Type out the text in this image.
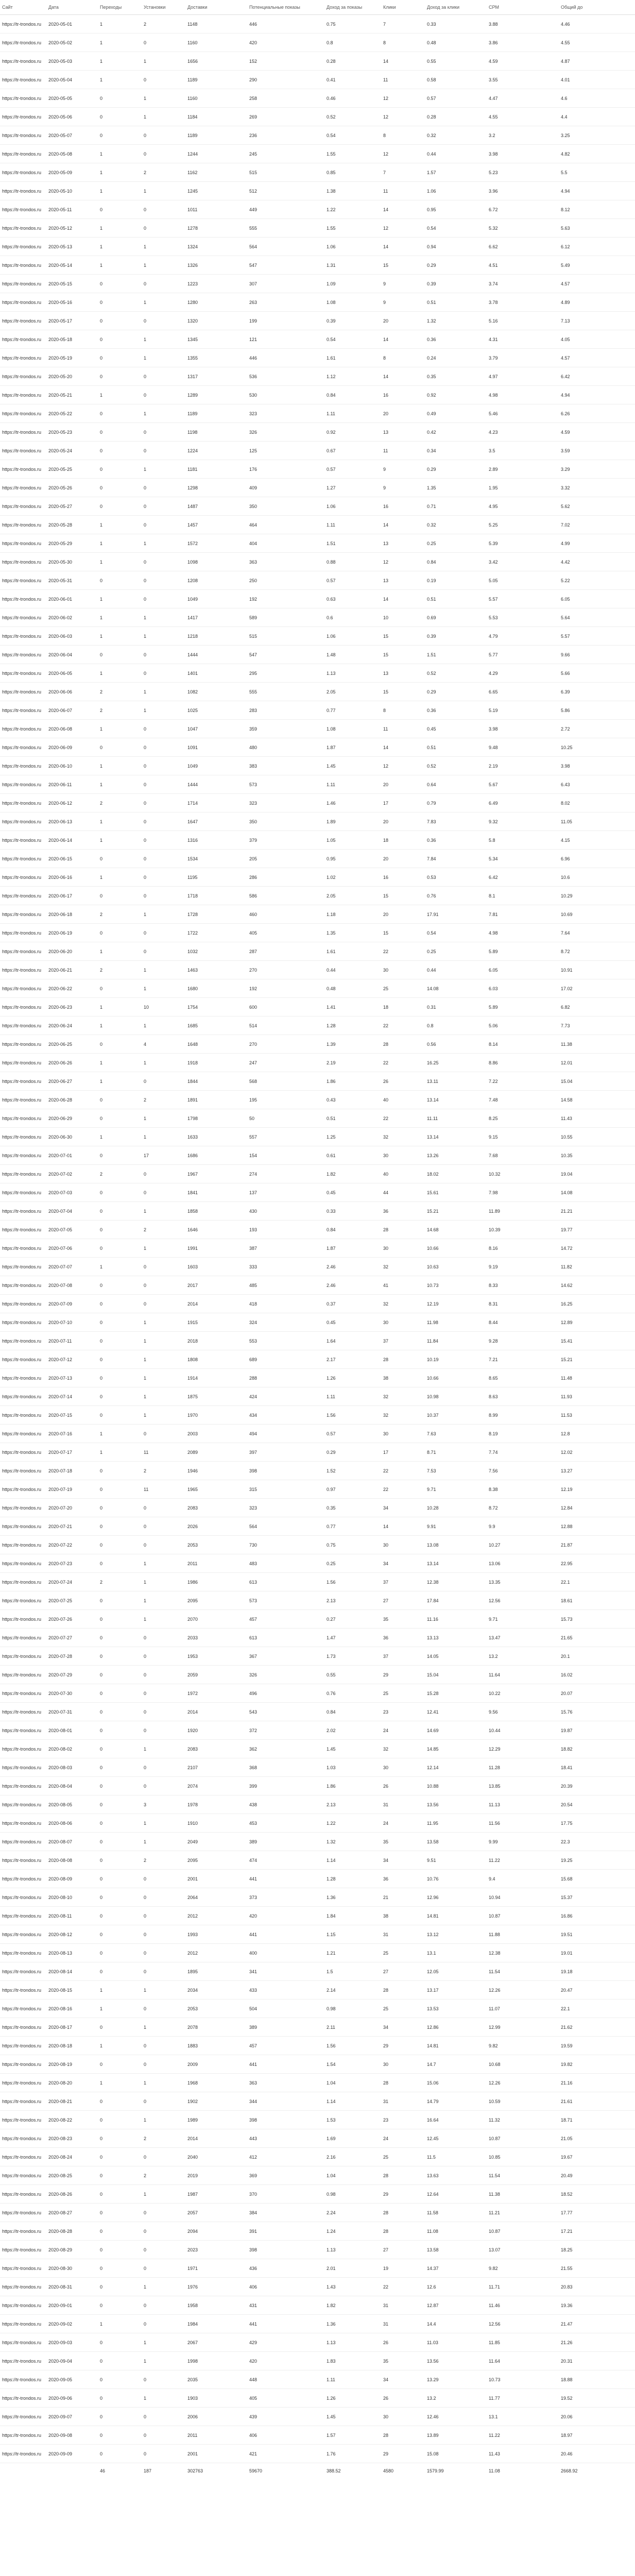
Сайт	Дата	Переходы	Установки	Доставки	Потенциальные показы	Доход за показы	Клики	Доход за клики	CPM	Общий до
https://tr-trondos.ru	2020-05-01	1	2	1148	446	0.75	7	0.33	3.88	4.46
https://tr-trondos.ru	2020-05-02	1	0	1160	420	0.8	8	0.48	3.86	4.55
https://tr-trondos.ru	2020-05-03	1	1	1656	152	0.28	14	0.55	4.59	4.87
https://tr-trondos.ru	2020-05-04	1	0	1189	290	0.41	11	0.58	3.55	4.01
https://tr-trondos.ru	2020-05-05	0	1	1160	258	0.46	12	0.57	4.47	4.6
https://tr-trondos.ru	2020-05-06	0	1	1184	269	0.52	12	0.28	4.55	4.4
https://tr-trondos.ru	2020-05-07	0	0	1189	236	0.54	8	0.32	3.2	3.25
https://tr-trondos.ru	2020-05-08	1	0	1244	245	1.55	12	0.44	3.98	4.82
https://tr-trondos.ru	2020-05-09	1	2	1162	515	0.85	7	1.57	5.23	5.5
https://tr-trondos.ru	2020-05-10	1	1	1245	512	1.38	11	1.06	3.96	4.94
https://tr-trondos.ru	2020-05-11	0	0	1011	449	1.22	14	0.95	6.72	8.12
https://tr-trondos.ru	2020-05-12	1	0	1278	555	1.55	12	0.54	5.32	5.63
https://tr-trondos.ru	2020-05-13	1	1	1324	564	1.06	14	0.94	6.62	6.12
https://tr-trondos.ru	2020-05-14	1	1	1326	547	1.31	15	0.29	4.51	5.49
https://tr-trondos.ru	2020-05-15	0	0	1223	307	1.09	9	0.39	3.74	4.57
https://tr-trondos.ru	2020-05-16	0	1	1280	263	1.08	9	0.51	3.78	4.89
https://tr-trondos.ru	2020-05-17	0	0	1320	199	0.39	20	1.32	5.16	7.13
https://tr-trondos.ru	2020-05-18	0	1	1345	121	0.54	14	0.36	4.31	4.05
https://tr-trondos.ru	2020-05-19	0	1	1355	446	1.61	8	0.24	3.79	4.57
https://tr-trondos.ru	2020-05-20	0	0	1317	536	1.12	14	0.35	4.97	6.42
https://tr-trondos.ru	2020-05-21	1	0	1289	530	0.84	16	0.92	4.98	4.94
https://tr-trondos.ru	2020-05-22	0	1	1189	323	1.11	20	0.49	5.46	6.26
https://tr-trondos.ru	2020-05-23	0	0	1198	326	0.92	13	0.42	4.23	4.59
https://tr-trondos.ru	2020-05-24	0	0	1224	125	0.67	11	0.34	3.5	3.59
https://tr-trondos.ru	2020-05-25	0	1	1181	176	0.57	9	0.29	2.89	3.29
https://tr-trondos.ru	2020-05-26	0	0	1298	409	1.27	9	1.35	1.95	3.32
https://tr-trondos.ru	2020-05-27	0	0	1487	350	1.06	16	0.71	4.95	5.62
https://tr-trondos.ru	2020-05-28	1	0	1457	464	1.11	14	0.32	5.25	7.02
https://tr-trondos.ru	2020-05-29	1	1	1572	404	1.51	13	0.25	5.39	4.99
https://tr-trondos.ru	2020-05-30	1	0	1098	363	0.88	12	0.84	3.42	4.42
https://tr-trondos.ru	2020-05-31	0	0	1208	250	0.57	13	0.19	5.05	5.22
https://tr-trondos.ru	2020-06-01	1	0	1049	192	0.63	14	0.51	5.57	6.05
https://tr-trondos.ru	2020-06-02	1	1	1417	589	0.6	10	0.69	5.53	5.64
https://tr-trondos.ru	2020-06-03	1	1	1218	515	1.06	15	0.39	4.79	5.57
https://tr-trondos.ru	2020-06-04	0	0	1444	547	1.48	15	1.51	5.77	9.66
https://tr-trondos.ru	2020-06-05	1	0	1401	295	1.13	13	0.52	4.29	5.66
https://tr-trondos.ru	2020-06-06	2	1	1082	555	2.05	15	0.29	6.65	6.39
https://tr-trondos.ru	2020-06-07	2	1	1025	283	0.77	8	0.36	5.19	5.86
https://tr-trondos.ru	2020-06-08	1	0	1047	359	1.08	11	0.45	3.98	2.72
https://tr-trondos.ru	2020-06-09	0	0	1091	480	1.87	14	0.51	9.48	10.25
https://tr-trondos.ru	2020-06-10	1	0	1049	383	1.45	12	0.52	2.19	3.98
https://tr-trondos.ru	2020-06-11	1	0	1444	573	1.11	20	0.64	5.67	6.43
https://tr-trondos.ru	2020-06-12	2	0	1714	323	1.46	17	0.79	6.49	8.02
https://tr-trondos.ru	2020-06-13	1	0	1647	350	1.89	20	7.83	9.32	11.05
https://tr-trondos.ru	2020-06-14	1	0	1316	379	1.05	18	0.36	5.8	4.15
https://tr-trondos.ru	2020-06-15	0	0	1534	205	0.95	20	7.84	5.34	6.96
https://tr-trondos.ru	2020-06-16	1	0	1195	286	1.02	16	0.53	6.42	10.6
https://tr-trondos.ru	2020-06-17	0	0	1718	586	2.05	15	0.76	8.1	10.29
https://tr-trondos.ru	2020-06-18	2	1	1728	460	1.18	20	17.91	7.81	10.69
https://tr-trondos.ru	2020-06-19	0	0	1722	405	1.35	15	0.54	4.98	7.64
https://tr-trondos.ru	2020-06-20	1	0	1032	287	1.61	22	0.25	5.89	8.72
https://tr-trondos.ru	2020-06-21	2	1	1463	270	0.44	30	0.44	6.05	10.91
https://tr-trondos.ru	2020-06-22	0	1	1680	192	0.48	25	14.08	6.03	17.02
https://tr-trondos.ru	2020-06-23	1	10	1754	600	1.41	18	0.31	5.89	6.82
https://tr-trondos.ru	2020-06-24	1	1	1685	514	1.28	22	0.8	5.06	7.73
https://tr-trondos.ru	2020-06-25	0	4	1648	270	1.39	28	0.56	8.14	11.38
https://tr-trondos.ru	2020-06-26	1	1	1918	247	2.19	22	16.25	8.86	12.01
https://tr-trondos.ru	2020-06-27	1	0	1844	568	1.86	26	13.11	7.22	15.04
https://tr-trondos.ru	2020-06-28	0	2	1891	195	0.43	40	13.14	7.48	14.58
https://tr-trondos.ru	2020-06-29	0	1	1798	50	0.51	22	11.11	8.25	11.43
https://tr-trondos.ru	2020-06-30	1	1	1633	557	1.25	32	13.14	9.15	10.55
https://tr-trondos.ru	2020-07-01	0	17	1686	154	0.61	30	13.26	7.68	10.35
https://tr-trondos.ru	2020-07-02	2	0	1967	274	1.82	40	18.02	10.32	19.04
https://tr-trondos.ru	2020-07-03	0	0	1841	137	0.45	44	15.61	7.98	14.08
https://tr-trondos.ru	2020-07-04	0	1	1858	430	0.33	36	15.21	11.89	21.21
https://tr-trondos.ru	2020-07-05	0	2	1646	193	0.84	28	14.68	10.39	19.77
https://tr-trondos.ru	2020-07-06	0	1	1991	387	1.87	30	10.66	8.16	14.72
https://tr-trondos.ru	2020-07-07	1	0	1603	333	2.46	32	10.63	9.19	11.82
https://tr-trondos.ru	2020-07-08	0	0	2017	485	2.46	41	10.73	8.33	14.62
https://tr-trondos.ru	2020-07-09	0	0	2014	418	0.37	32	12.19	8.31	16.25
https://tr-trondos.ru	2020-07-10	0	1	1915	324	0.45	30	11.98	8.44	12.89
https://tr-trondos.ru	2020-07-11	0	1	2018	553	1.64	37	11.84	9.28	15.41
https://tr-trondos.ru	2020-07-12	0	1	1808	689	2.17	28	10.19	7.21	15.21
https://tr-trondos.ru	2020-07-13	0	1	1914	288	1.26	38	10.66	8.65	11.48
https://tr-trondos.ru	2020-07-14	0	1	1875	424	1.11	32	10.98	8.63	11.93
https://tr-trondos.ru	2020-07-15	0	1	1970	434	1.56	32	10.37	8.99	11.53
https://tr-trondos.ru	2020-07-16	1	0	2003	494	0.57	30	7.63	8.19	12.8
https://tr-trondos.ru	2020-07-17	1	11	2089	397	0.29	17	8.71	7.74	12.02
https://tr-trondos.ru	2020-07-18	0	2	1946	398	1.52	22	7.53	7.56	13.27
https://tr-trondos.ru	2020-07-19	0	11	1965	315	0.97	22	9.71	8.38	12.19
https://tr-trondos.ru	2020-07-20	0	0	2083	323	0.35	34	10.28	8.72	12.84
https://tr-trondos.ru	2020-07-21	0	0	2026	564	0.77	14	9.91	9.9	12.88
https://tr-trondos.ru	2020-07-22	0	0	2053	730	0.75	30	13.08	10.27	21.87
https://tr-trondos.ru	2020-07-23	0	1	2011	483	0.25	34	13.14	13.06	22.95
https://tr-trondos.ru	2020-07-24	2	1	1986	613	1.56	37	12.38	13.35	22.1
https://tr-trondos.ru	2020-07-25	0	1	2095	573	2.13	27	17.84	12.56	18.61
https://tr-trondos.ru	2020-07-26	0	1	2070	457	0.27	35	11.16	9.71	15.73
https://tr-trondos.ru	2020-07-27	0	0	2033	613	1.47	36	13.13	13.47	21.65
https://tr-trondos.ru	2020-07-28	0	0	1953	367	1.73	37	14.05	13.2	20.1
https://tr-trondos.ru	2020-07-29	0	0	2059	326	0.55	29	15.04	11.64	16.02
https://tr-trondos.ru	2020-07-30	0	0	1972	496	0.76	25	15.28	10.22	20.07
https://tr-trondos.ru	2020-07-31	0	0	2014	543	0.84	23	12.41	9.56	15.76
https://tr-trondos.ru	2020-08-01	0	0	1920	372	2.02	24	14.69	10.44	19.87
https://tr-trondos.ru	2020-08-02	0	1	2083	362	1.45	32	14.85	12.29	18.82
https://tr-trondos.ru	2020-08-03	0	0	2107	368	1.03	30	12.14	11.28	18.41
https://tr-trondos.ru	2020-08-04	0	0	2074	399	1.86	26	10.88	13.85	20.39
https://tr-trondos.ru	2020-08-05	0	3	1978	438	2.13	31	13.56	11.13	20.54
https://tr-trondos.ru	2020-08-06	0	1	1910	453	1.22	24	11.95	11.56	17.75
https://tr-trondos.ru	2020-08-07	0	1	2049	389	1.32	35	13.58	9.99	22.3
https://tr-trondos.ru	2020-08-08	0	2	2095	474	1.14	34	9.51	11.22	19.25
https://tr-trondos.ru	2020-08-09	0	0	2001	441	1.28	36	10.76	9.4	15.68
https://tr-trondos.ru	2020-08-10	0	0	2064	373	1.36	21	12.96	10.94	15.37
https://tr-trondos.ru	2020-08-11	0	0	2012	420	1.84	38	14.81	10.87	16.86
https://tr-trondos.ru	2020-08-12	0	0	1993	441	1.15	31	13.12	11.88	19.51
https://tr-trondos.ru	2020-08-13	0	0	2012	400	1.21	25	13.1	12.38	19.01
https://tr-trondos.ru	2020-08-14	0	0	1895	341	1.5	27	12.05	11.54	19.18
https://tr-trondos.ru	2020-08-15	1	1	2034	433	2.14	28	13.17	12.26	20.47
https://tr-trondos.ru	2020-08-16	1	0	2053	504	0.98	25	13.53	11.07	22.1
https://tr-trondos.ru	2020-08-17	0	1	2078	389	2.11	34	12.86	12.99	21.62
https://tr-trondos.ru	2020-08-18	1	0	1883	457	1.56	29	14.81	9.82	19.59
https://tr-trondos.ru	2020-08-19	0	0	2009	441	1.54	30	14.7	10.68	19.82
https://tr-trondos.ru	2020-08-20	1	1	1968	363	1.04	28	15.06	12.26	21.16
https://tr-trondos.ru	2020-08-21	0	0	1902	344	1.14	31	14.79	10.59	21.61
https://tr-trondos.ru	2020-08-22	0	1	1989	398	1.53	23	16.64	11.32	18.71
https://tr-trondos.ru	2020-08-23	0	2	2014	443	1.69	24	12.45	10.87	21.05
https://tr-trondos.ru	2020-08-24	0	0	2040	412	2.16	25	11.5	10.85	19.67
https://tr-trondos.ru	2020-08-25	0	2	2019	369	1.04	28	13.63	11.54	20.49
https://tr-trondos.ru	2020-08-26	0	1	1987	370	0.98	29	12.64	11.38	18.52
https://tr-trondos.ru	2020-08-27	0	0	2057	384	2.24	28	11.58	11.21	17.77
https://tr-trondos.ru	2020-08-28	0	0	2094	391	1.24	28	11.08	10.87	17.21
https://tr-trondos.ru	2020-08-29	0	0	2023	398	1.13	27	13.58	13.07	18.25
https://tr-trondos.ru	2020-08-30	0	0	1971	436	2.01	19	14.37	9.82	21.55
https://tr-trondos.ru	2020-08-31	0	1	1976	406	1.43	22	12.6	11.71	20.83
https://tr-trondos.ru	2020-09-01	0	0	1958	431	1.82	31	12.87	11.46	19.36
https://tr-trondos.ru	2020-09-02	1	0	1984	441	1.36	31	14.4	12.56	21.47
https://tr-trondos.ru	2020-09-03	0	1	2067	429	1.13	26	11.03	11.85	21.26
https://tr-trondos.ru	2020-09-04	0	1	1998	420	1.83	35	13.56	11.64	20.31
https://tr-trondos.ru	2020-09-05	0	0	2035	448	1.11	34	13.29	10.73	18.88
https://tr-trondos.ru	2020-09-06	0	1	1903	405	1.26	26	13.2	11.77	19.52
https://tr-trondos.ru	2020-09-07	0	0	2006	439	1.45	30	12.46	13.1	20.06
https://tr-trondos.ru	2020-09-08	0	0	2011	406	1.57	28	13.89	11.22	18.97
https://tr-trondos.ru	2020-09-09	0	0	2001	421	1.76	29	15.08	11.43	20.46
		46	187	302763	59670	388.52	4580	1579.99	11.08	2668.92
